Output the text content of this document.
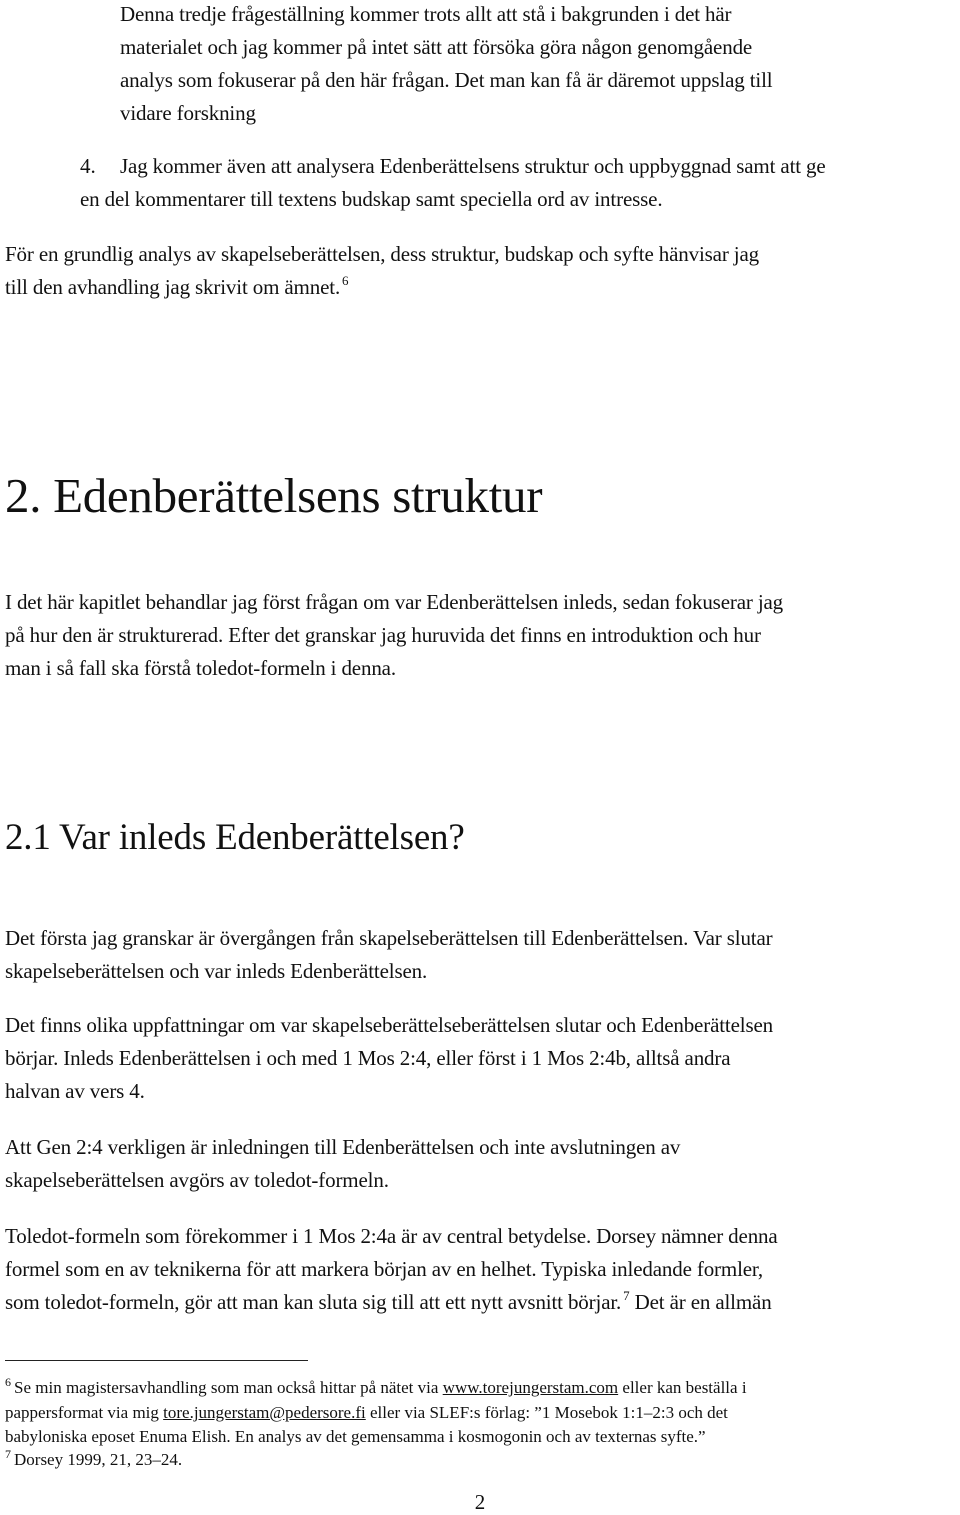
Denna tredje frågeställning kommer trots allt att stå i bakgrunden i det här
materialet och jag kommer på intet sätt att försöka göra någon genomgående
analys som fokuserar på den här frågan. Det man kan få är däremot uppslag till
vidare forskning
4. Jag kommer även att analysera Edenberättelsens struktur och uppbyggnad samt att ge
en del kommentarer till textens budskap samt speciella ord av intresse.
För en grundlig analys av skapelseberättelsen, dess struktur, budskap och syfte hänvisar jag
till den avhandling jag skrivit om ämnet. $^6$
2. Edenberättelsens struktur
I det här kapitlet behandlar jag först frågan om var Edenberättelsen inleds, sedan fokuserar jag
på hur den är strukturerad. Efter det granskar jag huruvida det finns en introduktion och hur
man i så fall ska förstå toledot-formeln i denna.
2.1 Var inleds Edenberättelsen?
Det första jag granskar är övergången från skapelseberättelsen till Edenberättelsen. Var slutar
skapelseberättelsen och var inleds Edenberättelsen.
Det finns olika uppfattningar om var skapelseberättelseberättelsen slutar och Edenberättelsen
börjar. Inleds Edenberättelsen i och med 1 Mos 2:4, eller först i 1 Mos 2:4b, alltså andra
halvan av vers 4.
Att Gen 2:4 verkligen är inledningen till Edenberättelsen och inte avslutningen av
skapelseberättelsen avgörs av toledot-formeln.
Toledot-formeln som förekommer i 1 Mos 2:4a är av central betydelse. Dorsey nämner denna
formel som en av teknikerna för att markera början av en helhet. Typiska inledande formler,
som toledot-formeln, gör att man kan sluta sig till att ett nytt avsnitt börjar. $^7$ Det är en allmän
$^6$ Se min magistersavhandling som man också hittar på nätet via www.torejungerstam.com eller kan beställa i
pappersformat via mig tore.jungerstam@pedersore.fi eller via SLEF:s förlag: ”1 Mosebok 1:1–2:3 och det
babyloniska eposet Enuma Elish. En analys av det gemensamma i kosmogonin och av texternas syfte.”
$^7$ Dorsey 1999, 21, 23–24.
2
